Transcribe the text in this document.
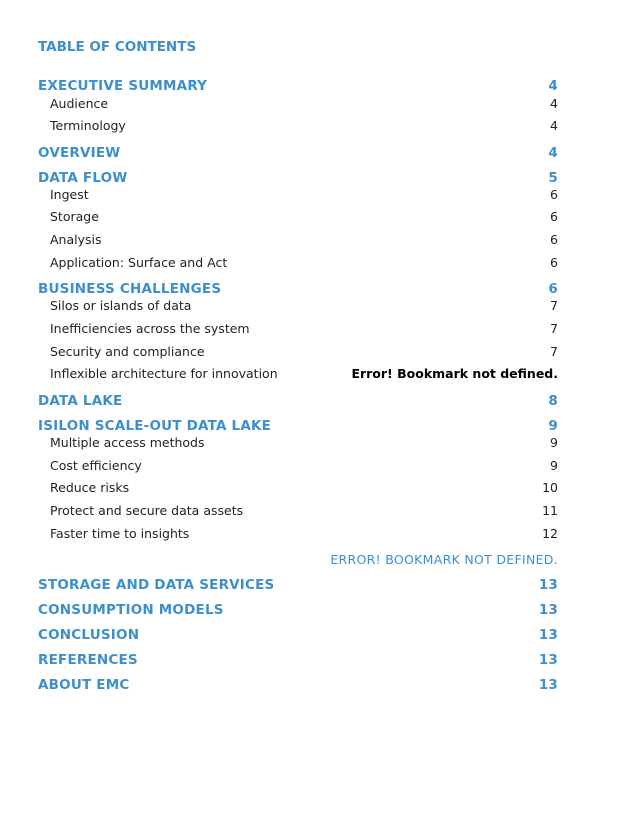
TABLE OF CONTENTS
EXECUTIVE SUMMARY	4
Audience	4
Terminology	4
OVERVIEW	4
DATA FLOW	5
Ingest	6
Storage	6
Analysis	6
Application: Surface and Act	6
BUSINESS CHALLENGES	6
Silos or islands of data	7
Inefficiencies across the system	7
Security and compliance	7
Inflexible architecture for innovation	Error! Bookmark not defined.
DATA LAKE	8
ISILON SCALE-OUT DATA LAKE	9
Multiple access methods	9
Cost efficiency	9
Reduce risks	10
Protect and secure data assets	11
Faster time to insights	12
ERROR! BOOKMARK NOT DEFINED.
STORAGE AND DATA SERVICES	13
CONSUMPTION MODELS	13
CONCLUSION	13
REFERENCES	13
ABOUT EMC	13
